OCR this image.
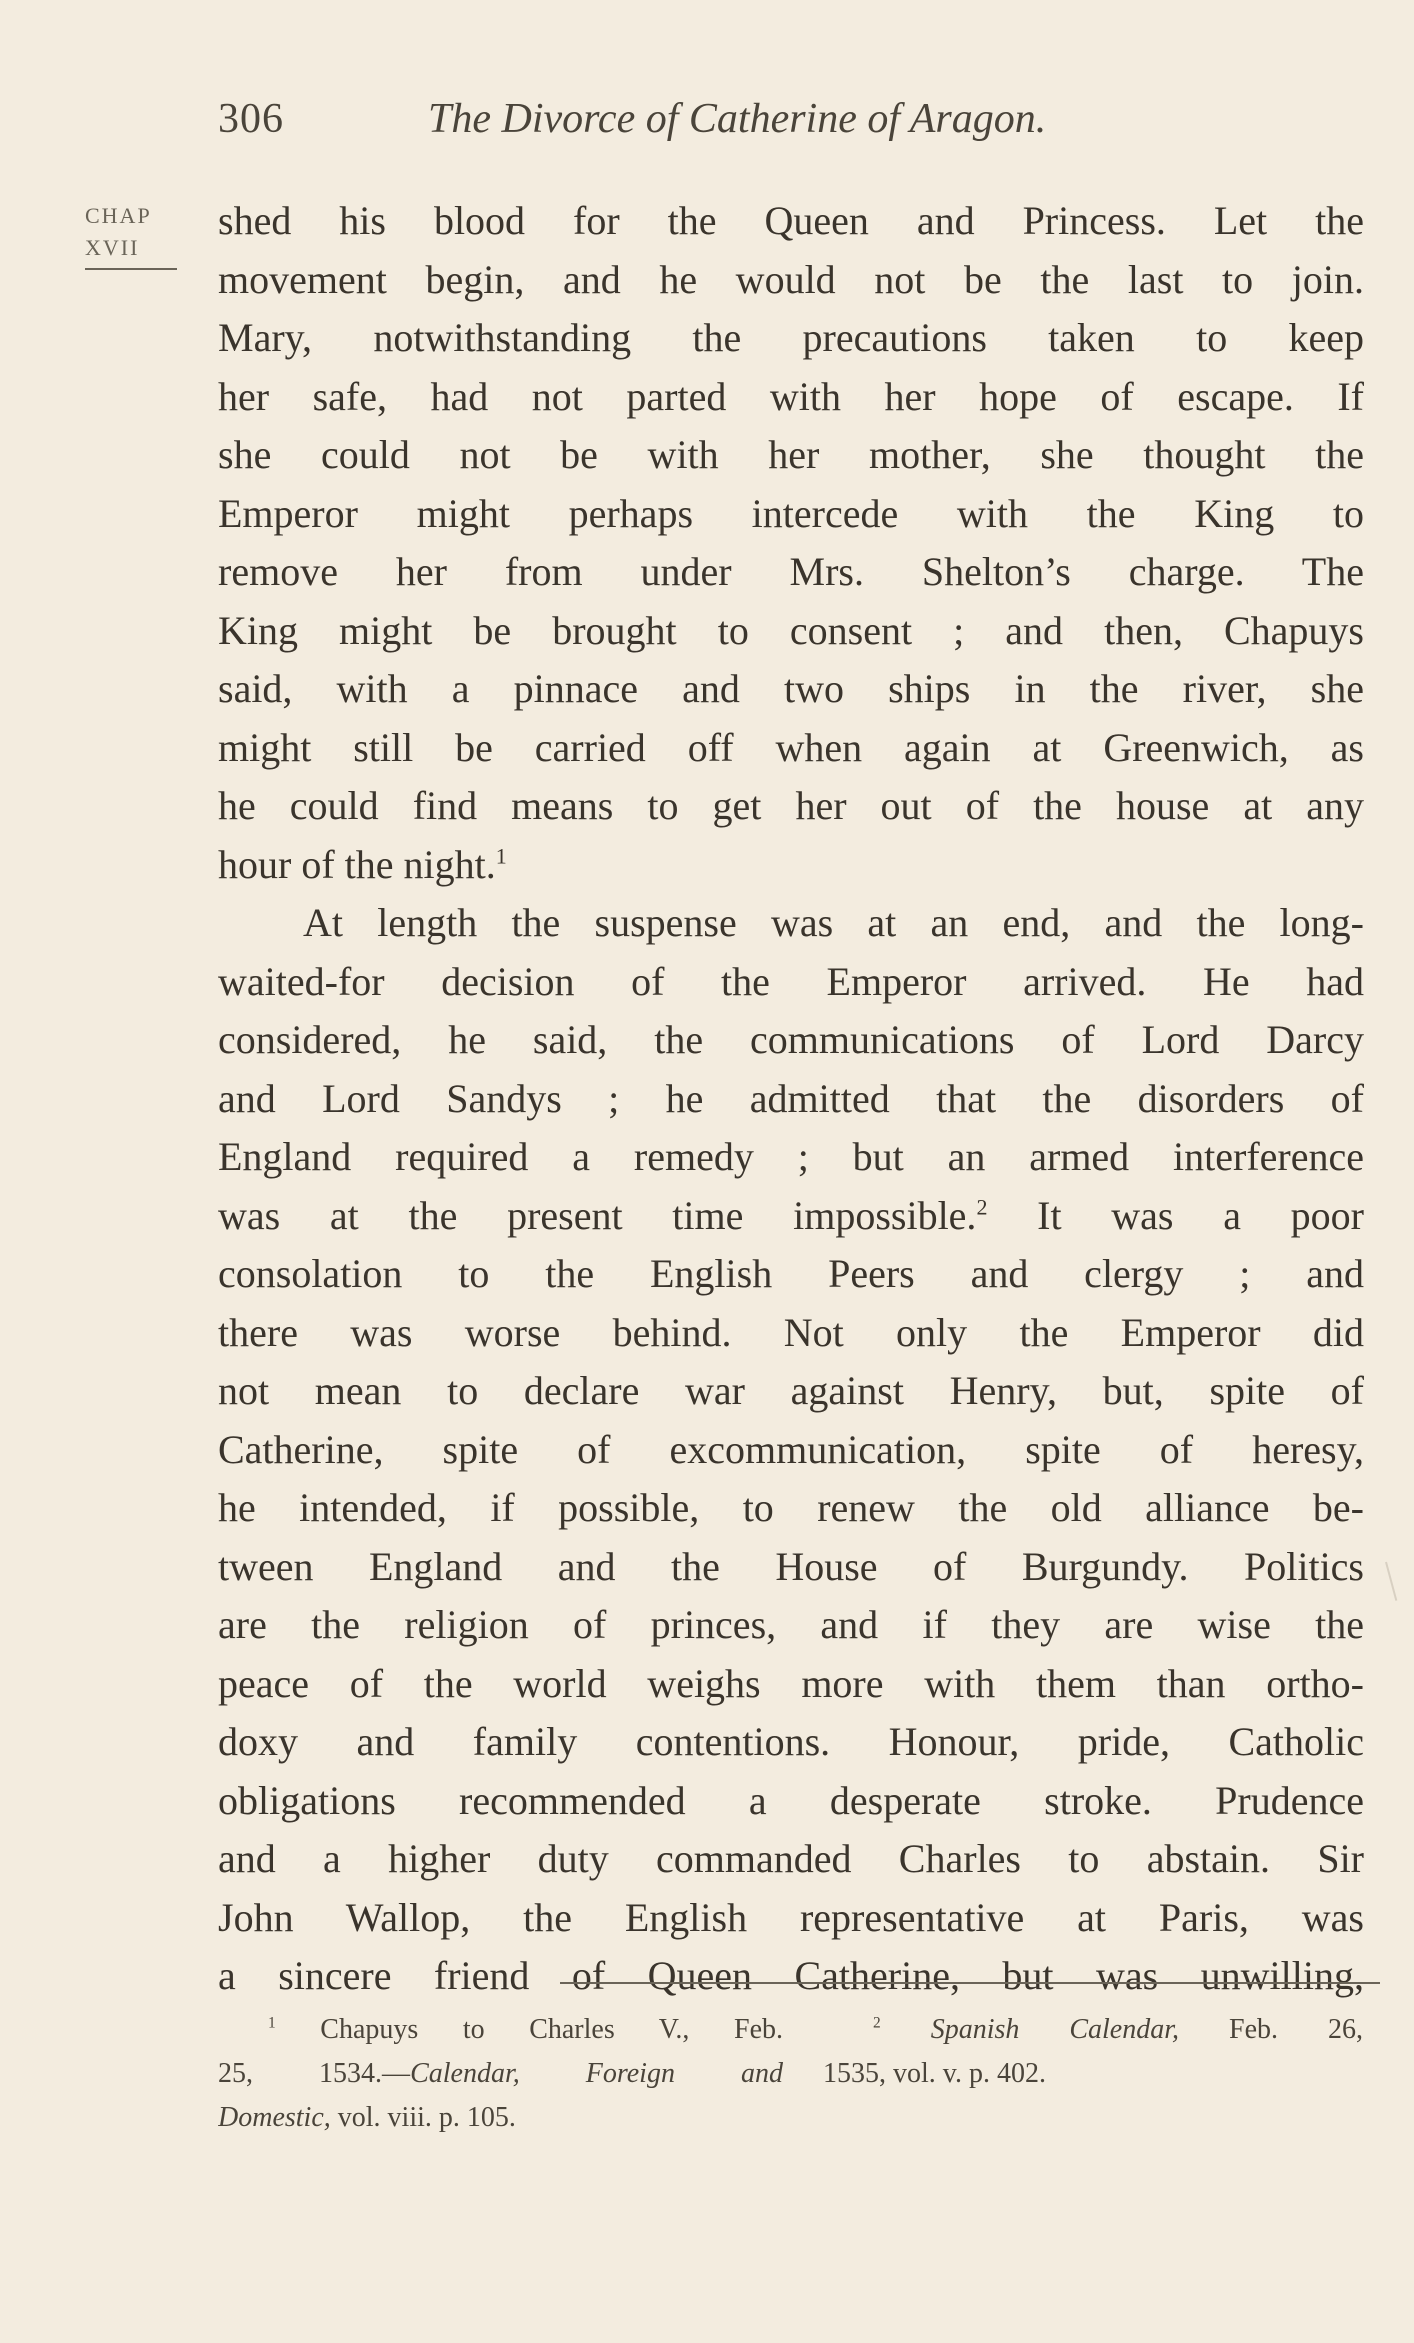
306	The Divorce of Catherine of Aragon.
CHAP
XVII
shed his blood for the Queen and Princess. Let the
movement begin, and he would not be the last to join.
Mary, notwithstanding the precautions taken to keep
her safe, had not parted with her hope of escape. If
she could not be with her mother, she thought the
Emperor might perhaps intercede with the King to
remove her from under Mrs. Shelton’s charge. The
King might be brought to consent ; and then, Chapuys
said, with a pinnace and two ships in the river, she
might still be carried off when again at Greenwich, as
he could find means to get her out of the house at any
hour of the night.$^1$
At length the suspense was at an end, and the long-
waited-for decision of the Emperor arrived. He had
considered, he said, the communications of Lord Darcy
and Lord Sandys ; he admitted that the disorders of
England required a remedy ; but an armed interference
was at the present time impossible.$^2$ It was a poor
consolation to the English Peers and clergy ; and
there was worse behind. Not only the Emperor did
not mean to declare war against Henry, but, spite of
Catherine, spite of excommunication, spite of heresy,
he intended, if possible, to renew the old alliance be-
tween England and the House of Burgundy. Politics
are the religion of princes, and if they are wise the
peace of the world weighs more with them than ortho-
doxy and family contentions. Honour, pride, Catholic
obligations recommended a desperate stroke. Prudence
and a higher duty commanded Charles to abstain. Sir
John Wallop, the English representative at Paris, was
a sincere friend of Queen Catherine, but was unwilling,
$^1$ Chapuys to Charles V., Feb.
25, 1534.—Calendar, Foreign and
Domestic, vol. viii. p. 105.
$^2$ Spanish Calendar, Feb. 26,
1535, vol. v. p. 402.
